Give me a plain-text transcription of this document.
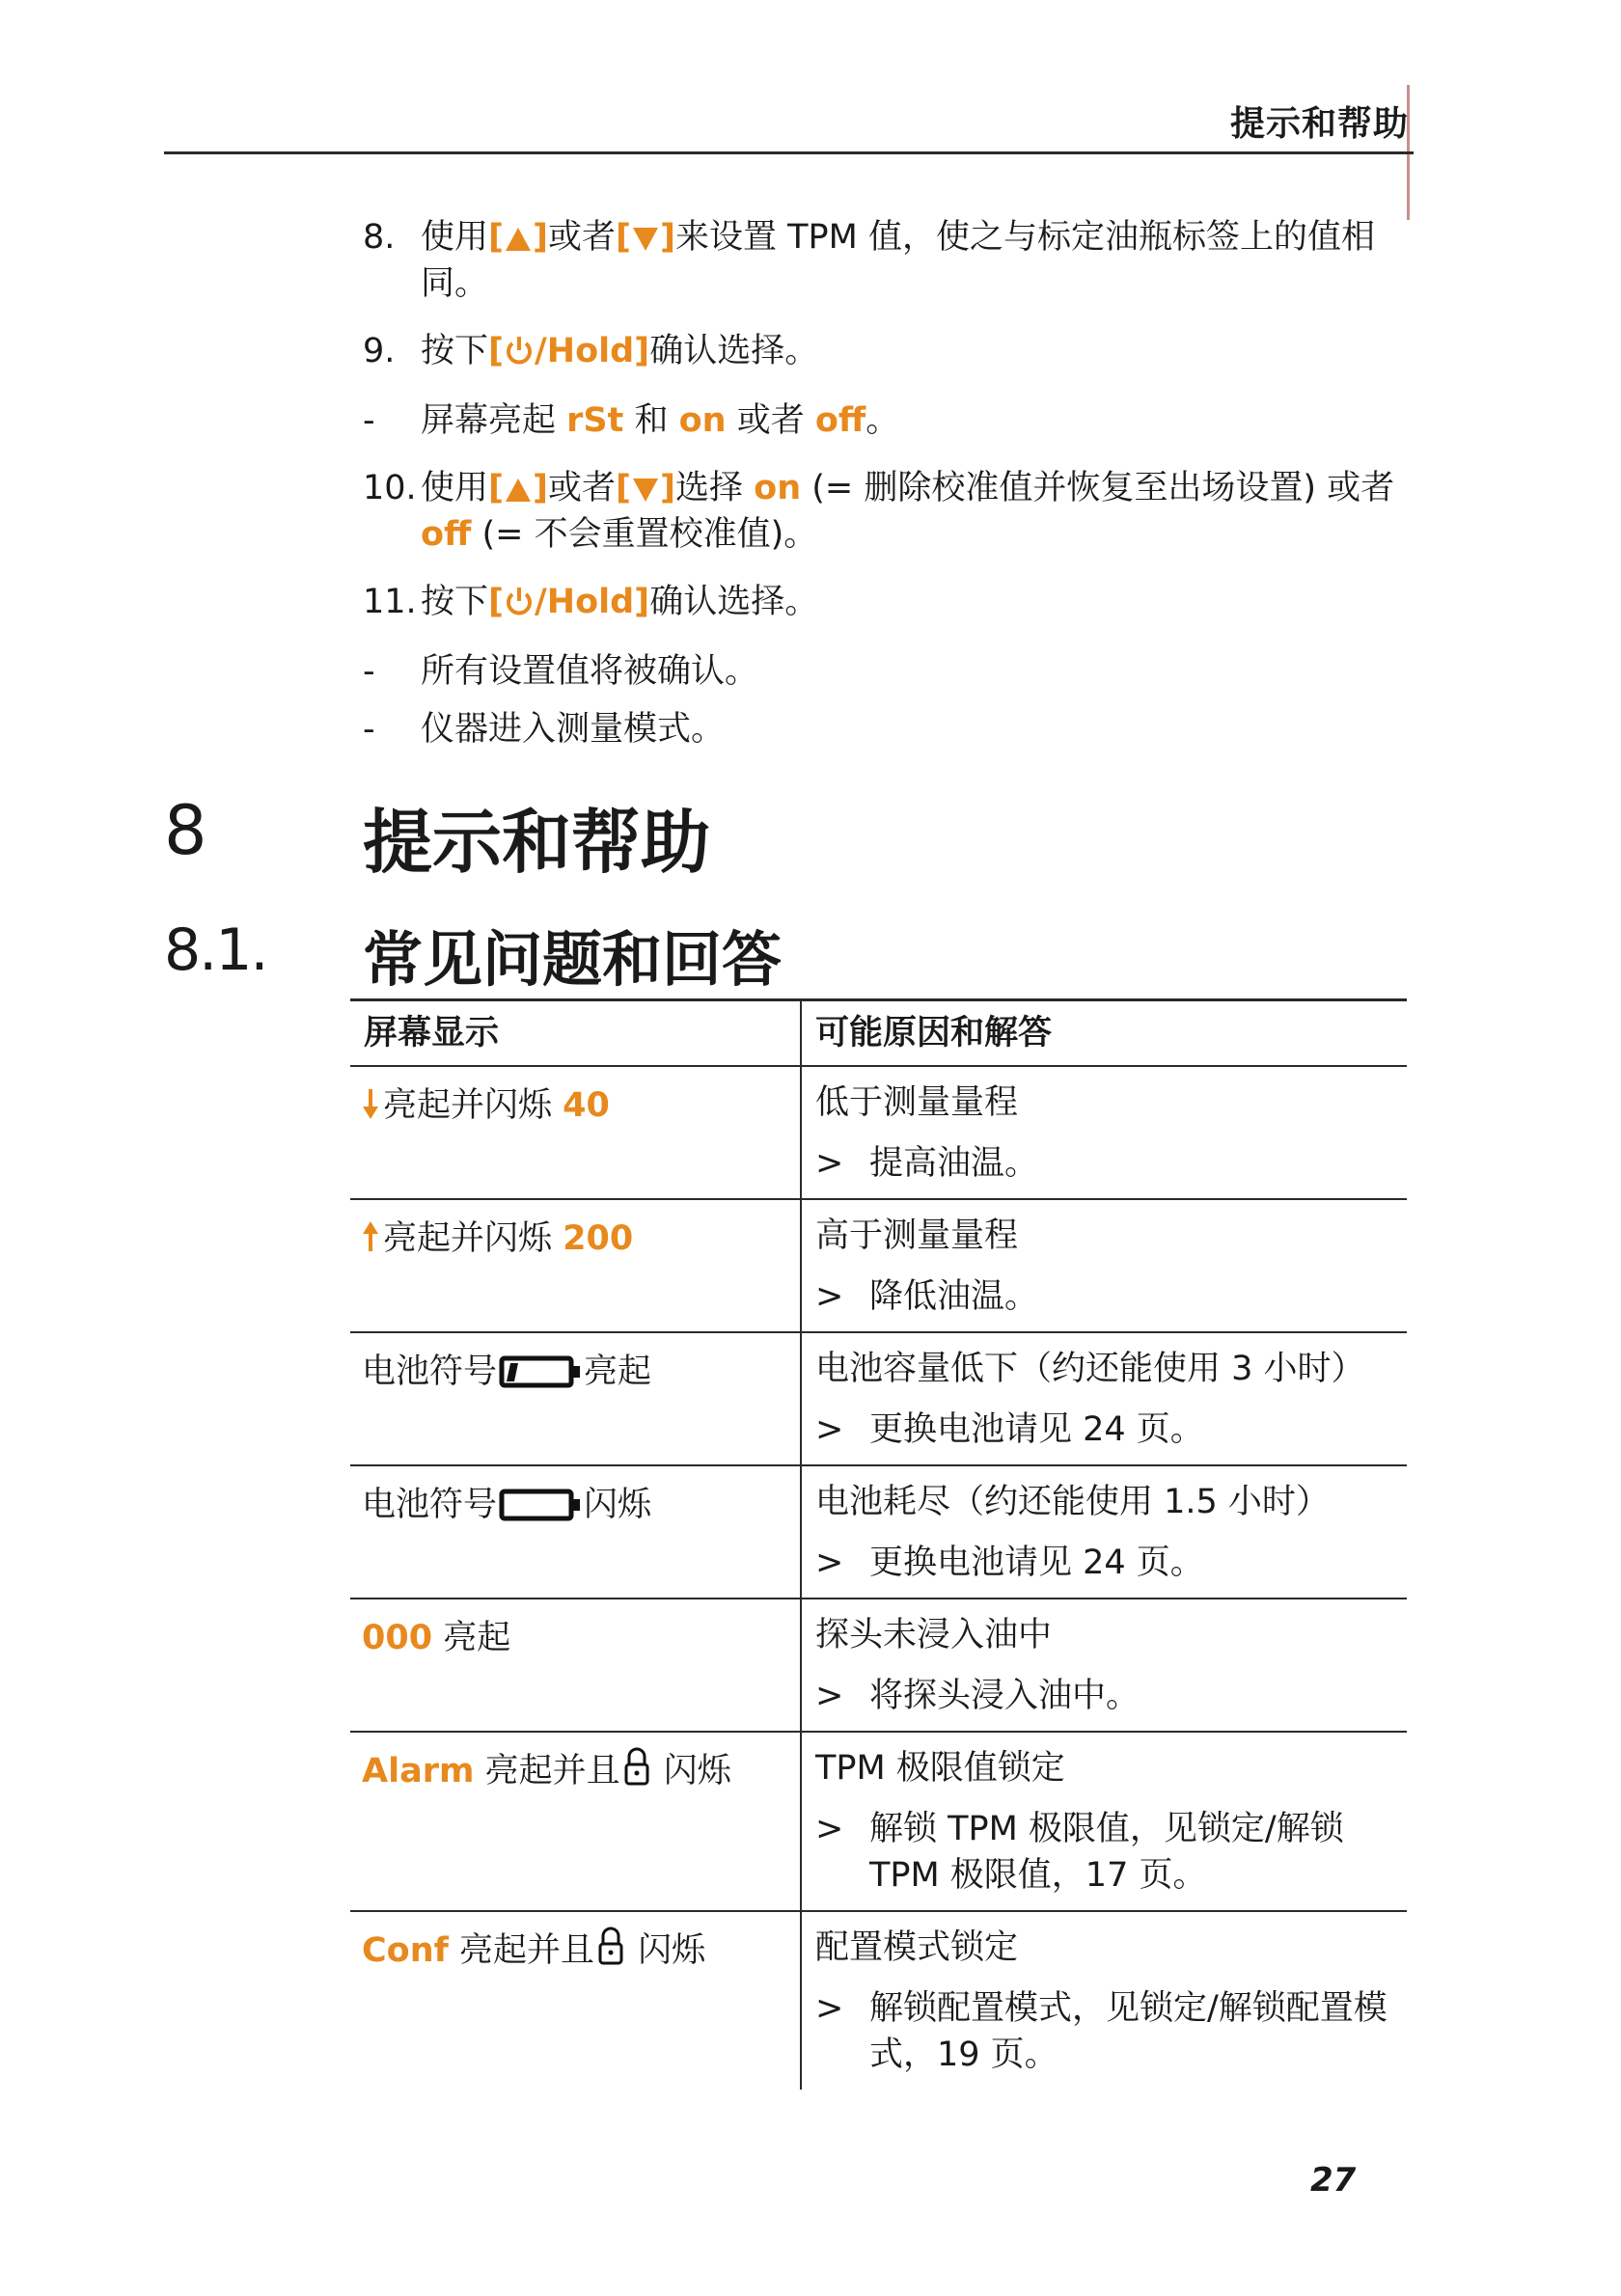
提示和帮助
8. 使用[ ]或者[ ]来设置 TPM 值，使之与标定油瓶标签上的值相同。
9. 按下[ /Hold]确认选择。
- 屏幕亮起 rSt 和 on 或者 off。
10. 使用[ ]或者[ ]选择 on (= 删除校准值并恢复至出场设置) 或者 off (= 不会重置校准值)。
11. 按下[ /Hold]确认选择。
- 所有设置值将被确认。
- 仪器进入测量模式。
8 提示和帮助
8.1. 常见问题和回答
屏幕显示	可能原因和解答
亮起并闪烁 40	低于测量量程
> 提高油温。

亮起并闪烁 200	高于测量量程
> 降低油温。

电池符号 亮起	电池容量低下（约还能使用 3 小时）
> 更换电池请见 24 页。

电池符号 闪烁	电池耗尽（约还能使用 1.5 小时）
> 更换电池请见 24 页。

000 亮起	探头未浸入油中
> 将探头浸入油中。

Alarm 亮起并且 闪烁	TPM 极限值锁定
> 解锁 TPM 极限值，见锁定/解锁 TPM 极限值，17 页。

Conf 亮起并且 闪烁	配置模式锁定
> 解锁配置模式，见锁定/解锁配置模式，19 页。
27
